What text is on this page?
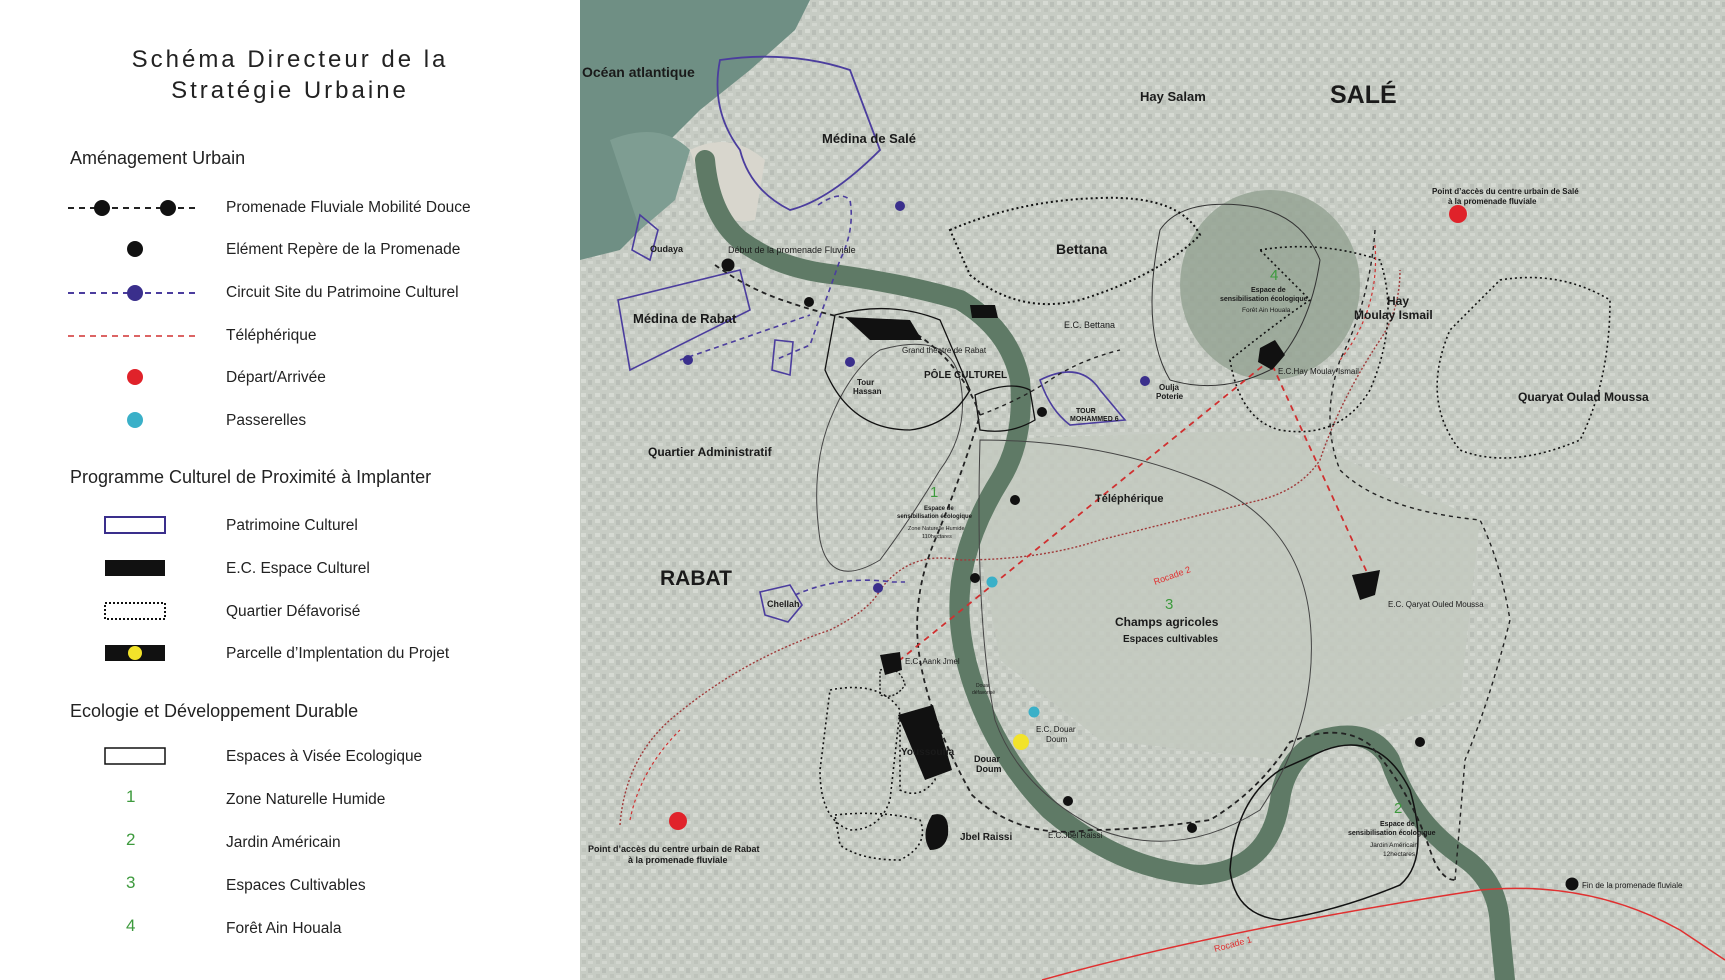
Schéma Directeur de la
Stratégie Urbaine
Aménagement Urbain
Promenade Fluviale Mobilité Douce
Elément Repère de la Promenade
Circuit Site du Patrimoine Culturel
Téléphérique
Départ/Arrivée
Passerelles
Programme Culturel de Proximité à Implanter
Patrimoine Culturel
E.C. Espace Culturel
Quartier Défavorisé
Parcelle d’Implentation du Projet
Ecologie et Développement Durable
Espaces à Visée Ecologique
1	Zone Naturelle Humide
2	Jardin Américain
3	Espaces Cultivables
4	Forêt Ain Houala
Océan atlantique
SALÉ
RABAT
Hay Salam
Médina de Salé
Médina de Rabat
Oudaya	Début de la promenade Fluviale	Bettana
E.C. Bettana
Grand théatre de Rabat
PÔLE CULTUREL
Tour
Hassan
TOUR
MOHAMMED 6
Oulja
Poterie
Quartier Administratif
Hay
Moulay Ismail
E.C.Hay Moulay Ismail
Quaryat Oulad Moussa
E.C. Qaryat Ouled Moussa
Téléphérique
Rocade 2
Rocade 1
Chellah
E.C. Aank Jmel
Douar
défavorisé
Youssoufia
Douar
Doum
E.C. Douar
Doum
Jbel Raissi	E.C.Jbel Raissi
Fin de la promenade fluviale
Point d’accès du centre urbain de Salé
à la promenade fluviale
Point d’accès du centre urbain de Rabat
à la promenade fluviale
1
Espace de
sensibilisation écologique
Zone Naturelle Humide
110hectares
2
Espace de
sensibilisation écologique
Jardin Américain
12hectares
3
Champs agricoles
Espaces cultivables
4
Espace de
sensibilisation écologique
Forêt Ain Houala
